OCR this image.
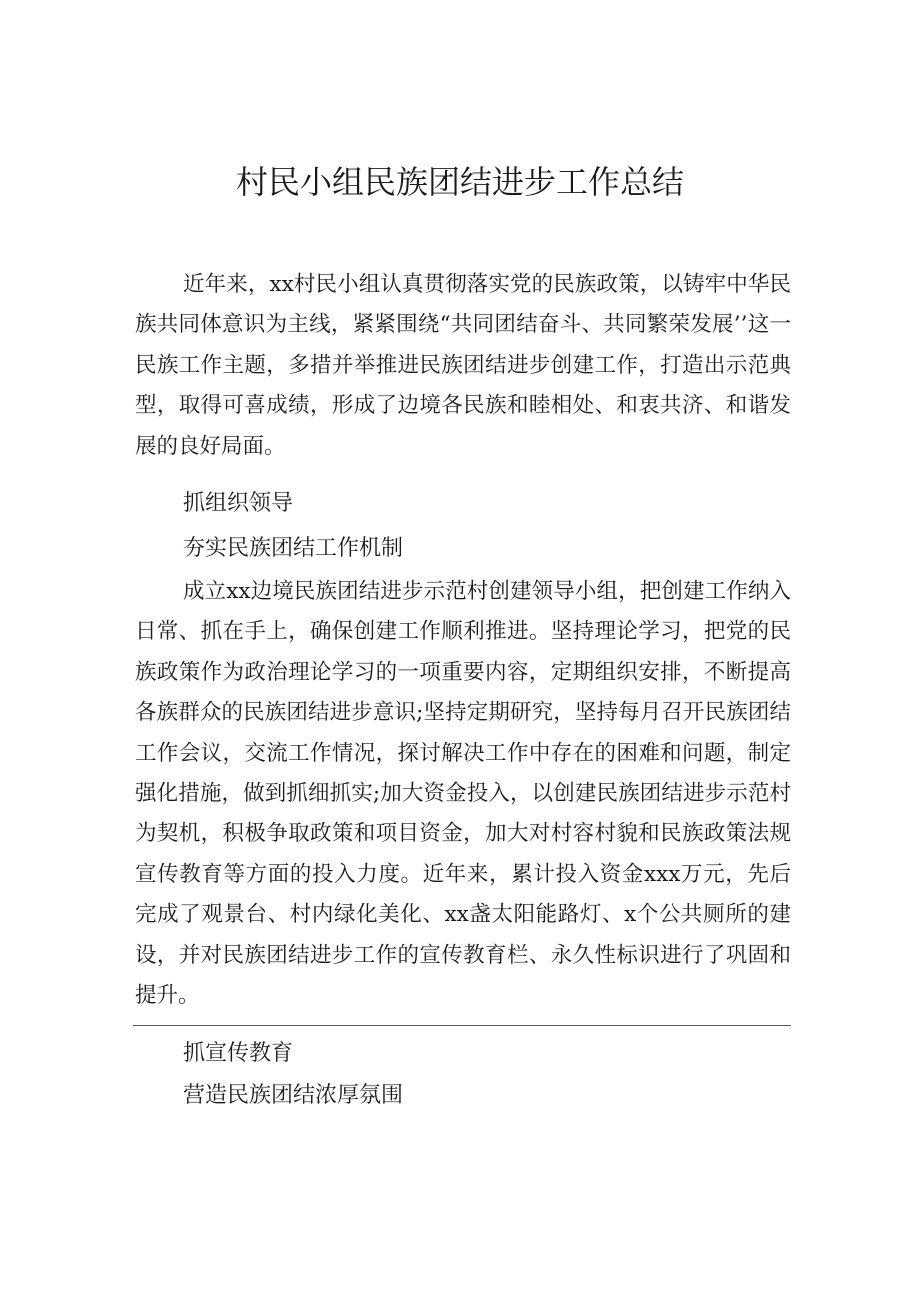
村民小组民族团结进步工作总结

近年来，xx村民小组认真贯彻落实党的民族政策，以铸牢中华民族共同体意识为主线，紧紧围绕“共同团结奋斗、共同繁荣发展’’这一民族工作主题，多措并举推进民族团结进步创建工作，打造出示范典型，取得可喜成绩，形成了边境各民族和睦相处、和衷共济、和谐发展的良好局面。

抓组织领导
夯实民族团结工作机制

成立xx边境民族团结进步示范村创建领导小组，把创建工作纳入日常、抓在手上，确保创建工作顺利推进。坚持理论学习，把党的民族政策作为政治理论学习的一项重要内容，定期组织安排，不断提高各族群众的民族团结进步意识;坚持定期研究，坚持每月召开民族团结工作会议，交流工作情况，探讨解决工作中存在的困难和问题，制定强化措施，做到抓细抓实;加大资金投入，以创建民族团结进步示范村为契机，积极争取政策和项目资金，加大对村容村貌和民族政策法规宣传教育等方面的投入力度。近年来，累计投入资金xxx万元，先后完成了观景台、村内绿化美化、xx盏太阳能路灯、x个公共厕所的建设，并对民族团结进步工作的宣传教育栏、永久性标识进行了巩固和提升。

抓宣传教育
营造民族团结浓厚氛围
